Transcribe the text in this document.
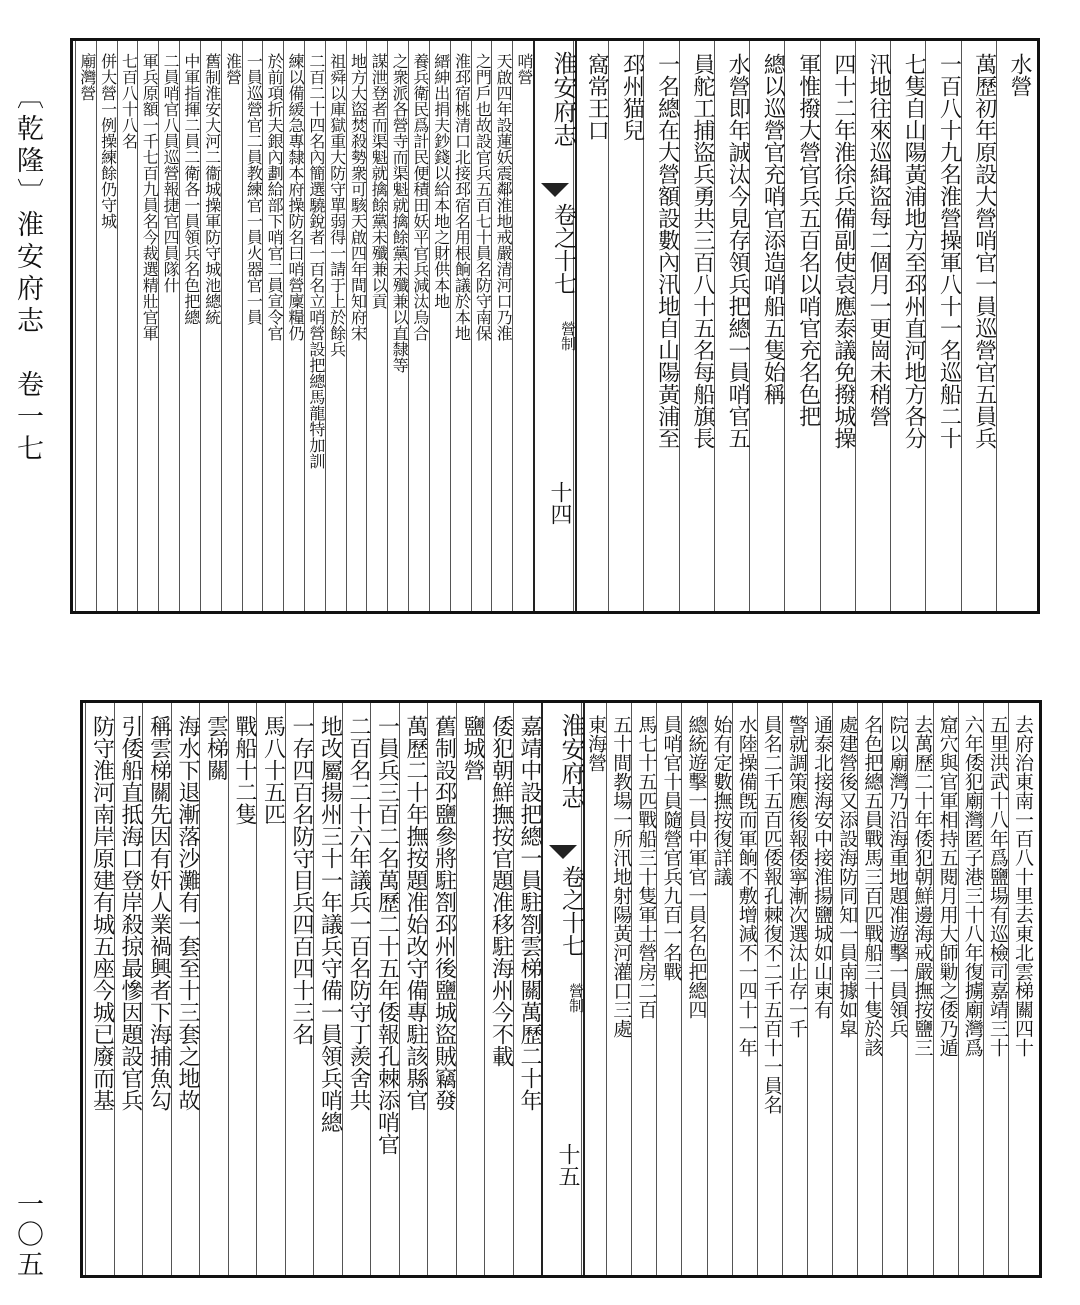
〔乾隆〕淮安府志　卷一七
一〇五
水營
萬歷初年原設大營哨官一員巡營官五員兵
一百八十九名淮營操軍八十一名巡船二十
七隻自山陽黃浦地方至邳州直河地方各分
汛地往來巡緝盜每二個月一更崗未稍營
四十二年淮徐兵備副使袁應泰議免撥城操
軍惟撥大營官兵五百名以哨官充名色把
總以巡營官充哨官添造哨船五隻始稱
水營即年誠汰今見存領兵把總一員哨官五
員舵工捕盜兵勇共三百八十五名每船旗長
一名總在大營額設數內汛地自山陽黃浦至
邳州猫兒
窩常王口
淮安府志
卷之十七
營制
十四
哨營
天啟四年設蓮妖震鄰淮地戒嚴清河口乃淮
之門戶也故設官兵五百七十員名防守南保
淮邳宿桃清口北接邳宿名用根餉議於本地
縉紳出捐夫鈔錢以給本地之財供本地
養兵衛民爲計民便積田妖平官兵減汰烏合
之衆派各營寺而渠魁就擒餘黨未殲兼以直隸等
謀泄登者而渠魁就擒餘黨未殲兼以貢
地方大盜焚殺勢衆可駭天啟四年間知府宋
祖舜以庫獄重大防守單弱得一請于上於餘兵
二百二十四名內簡選驍銳者一百名立哨營設把總馬龍特加訓
練以備緩急專隸本府操防名曰哨營廩糧仍
於前項折夫銀內劃給部下哨官二員宣令官
一員巡營官二員教練官一員火器官一員
淮營
舊制淮安大河二衞城操軍防守城池總統
中軍指揮二員二衛各一員領兵名色把總
二員哨官八員巡營報捷官四員隊什
軍兵原額一千七百九員名今裁選精壯官軍
七百八十八名
併大營一例操練餘仍守城
廟灣營
去府治東南一百八十里去東北雲梯關四十
五里洪武十八年爲鹽場有巡檢司嘉靖三十
六年倭犯廟灣匿子港三十八年復擄廟灣爲
窟穴與官軍相持五閱月用大師勦之倭乃遁
去萬歷二十年倭犯朝鮮邊海戒嚴撫按鹽三
院以廟灣乃沿海重地題准遊擊一員領兵
名色把總五員戰馬三百匹戰船三十隻於該
處建營後又添設海防同知一員南據如皐
通泰北接海安中接淮揚鹽城如山東有
警就調策應後報倭寧漸次選汰止存一千
員名二千五百匹倭報孔棘復不二千五百十一員名
水陸操備旣而軍餉不敷增減不一四十一年
始有定數撫按復詳議
總統遊擊一員中軍官一員名色把總四
員哨官十員隨營官兵九百一名戰
馬七十五匹戰船三十隻軍士營房二百
五十間教場一所汛地射陽黃河灌口三處
東海營
淮安府志
卷之十七
營制
十五
嘉靖中設把總一員駐劄雲梯關萬歷二十年
倭犯朝鮮撫按官題准移駐海州今不載
鹽城營
舊制設邳鹽參將駐劄邳州後鹽城盜賊竊發
萬歷二十年撫按題准始改守備專駐該縣官
一員兵三百二名萬歷二十五年倭報孔棘添哨官
二百名二十六年議兵一百名防守丁羨舍共
地改屬揚州三十一年議兵守備一員領兵哨總
一存四百名防守目兵四百四十三名
馬八十五匹
戰船十二隻
雲梯關
海水下退漸落沙灘有一套至十三套之地故
稱雲梯關先因有奸人業禍興者下海捕魚勾
引倭船直抵海口登岸殺掠最慘因題設官兵
防守淮河南岸原建有城五座今城已廢而基
